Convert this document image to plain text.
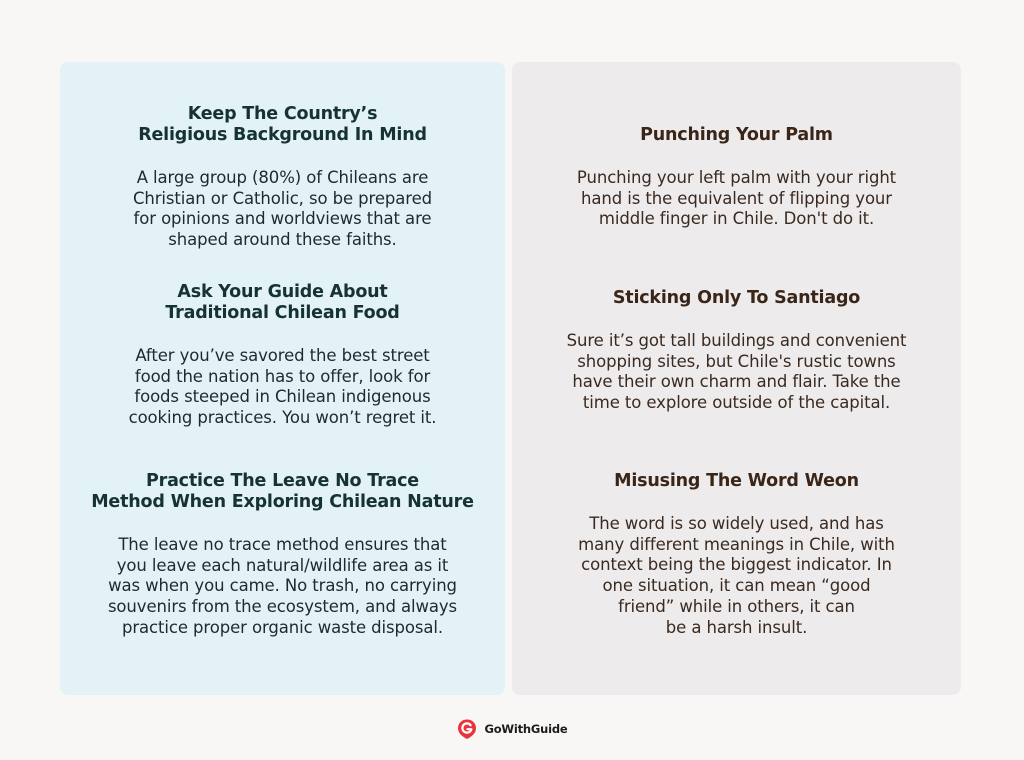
Keep The Country’s
Religious Background In Mind

A large group (80%) of Chileans are
Christian or Catholic, so be prepared
for opinions and worldviews that are
shaped around these faiths.

Ask Your Guide About
Traditional Chilean Food

After you’ve savored the best street
food the nation has to offer, look for
foods steeped in Chilean indigenous
cooking practices. You won’t regret it.

Practice The Leave No Trace
Method When Exploring Chilean Nature

The leave no trace method ensures that
you leave each natural/wildlife area as it
was when you came. No trash, no carrying
souvenirs from the ecosystem, and always
practice proper organic waste disposal.

Punching Your Palm

Punching your left palm with your right
hand is the equivalent of flipping your
middle finger in Chile. Don't do it.

Sticking Only To Santiago

Sure it’s got tall buildings and convenient
shopping sites, but Chile's rustic towns
have their own charm and flair. Take the
time to explore outside of the capital.

Misusing The Word Weon

The word is so widely used, and has
many different meanings in Chile, with
context being the biggest indicator. In
one situation, it can mean “good
friend” while in others, it can
be a harsh insult.

GoWithGuide
